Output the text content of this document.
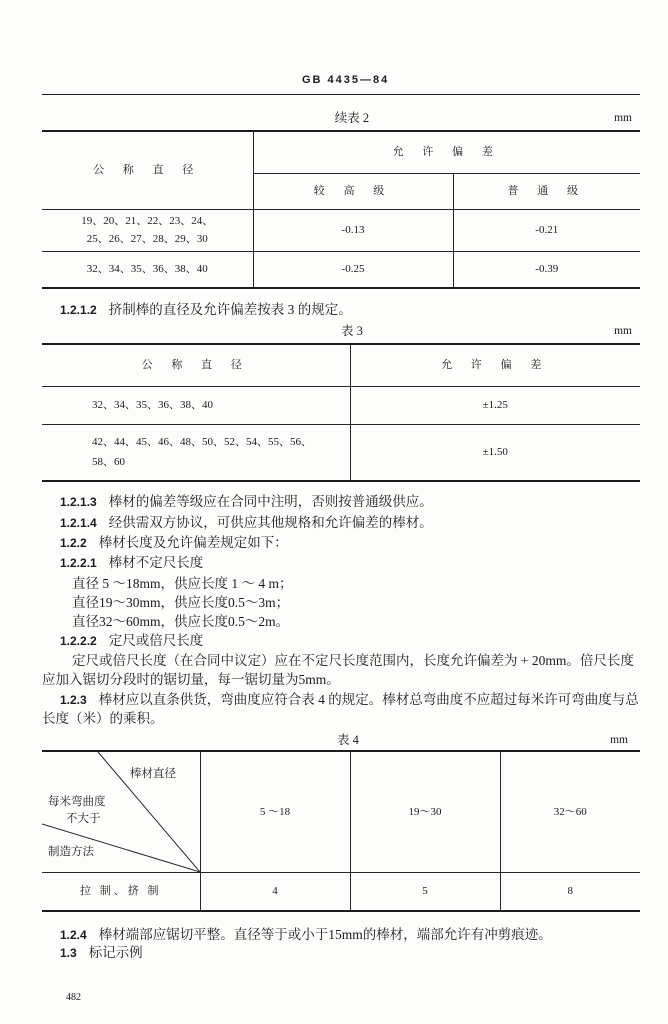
GB 4435—84
续表 2	mm
公 称 直 径	允 许 偏 差	
	较 高 级	普 通 级

19、20、21、22、23、24、
25、26、27、28、29、30	-0.13	-0.21

32、34、35、36、38、40	-0.25	-0.39
1.2.1.2 挤制棒的直径及允许偏差按表 3 的规定。
表 3	mm
公 称 直 径	允 许 偏 差

32、34、35、36、38、40	±1.25

42、44、45、46、48、50、52、54、55、56、
58、60	±1.50
1.2.1.3 棒材的偏差等级应在合同中注明，否则按普通级供应。
1.2.1.4 经供需双方协议，可供应其他规格和允许偏差的棒材。
1.2.2 棒材长度及允许偏差规定如下：
1.2.2.1 棒材不定尺长度
直径 5 ～18mm，供应长度 1 ～ 4 m；
直径19～30mm，供应长度0.5～3m；
直径32～60mm，供应长度0.5～2m。
1.2.2.2 定尺或倍尺长度
定尺或倍尺长度（在合同中议定）应在不定尺长度范围内，长度允许偏差为 + 20mm。倍尺长度
应加入锯切分段时的锯切量，每一锯切量为5mm。
1.2.3 棒材应以直条供货，弯曲度应符合表 4 的规定。棒材总弯曲度不应超过每米许可弯曲度与总
长度（米）的乘积。
表 4	mm
棒材直径
每米弯曲度
不大于
制造方法	5 ～18	19～30	32～60
拉 制、挤 制	4	5	8
1.2.4 棒材端部应锯切平整。直径等于或小于15mm的棒材，端部允许有冲剪痕迹。
1.3 标记示例
482
